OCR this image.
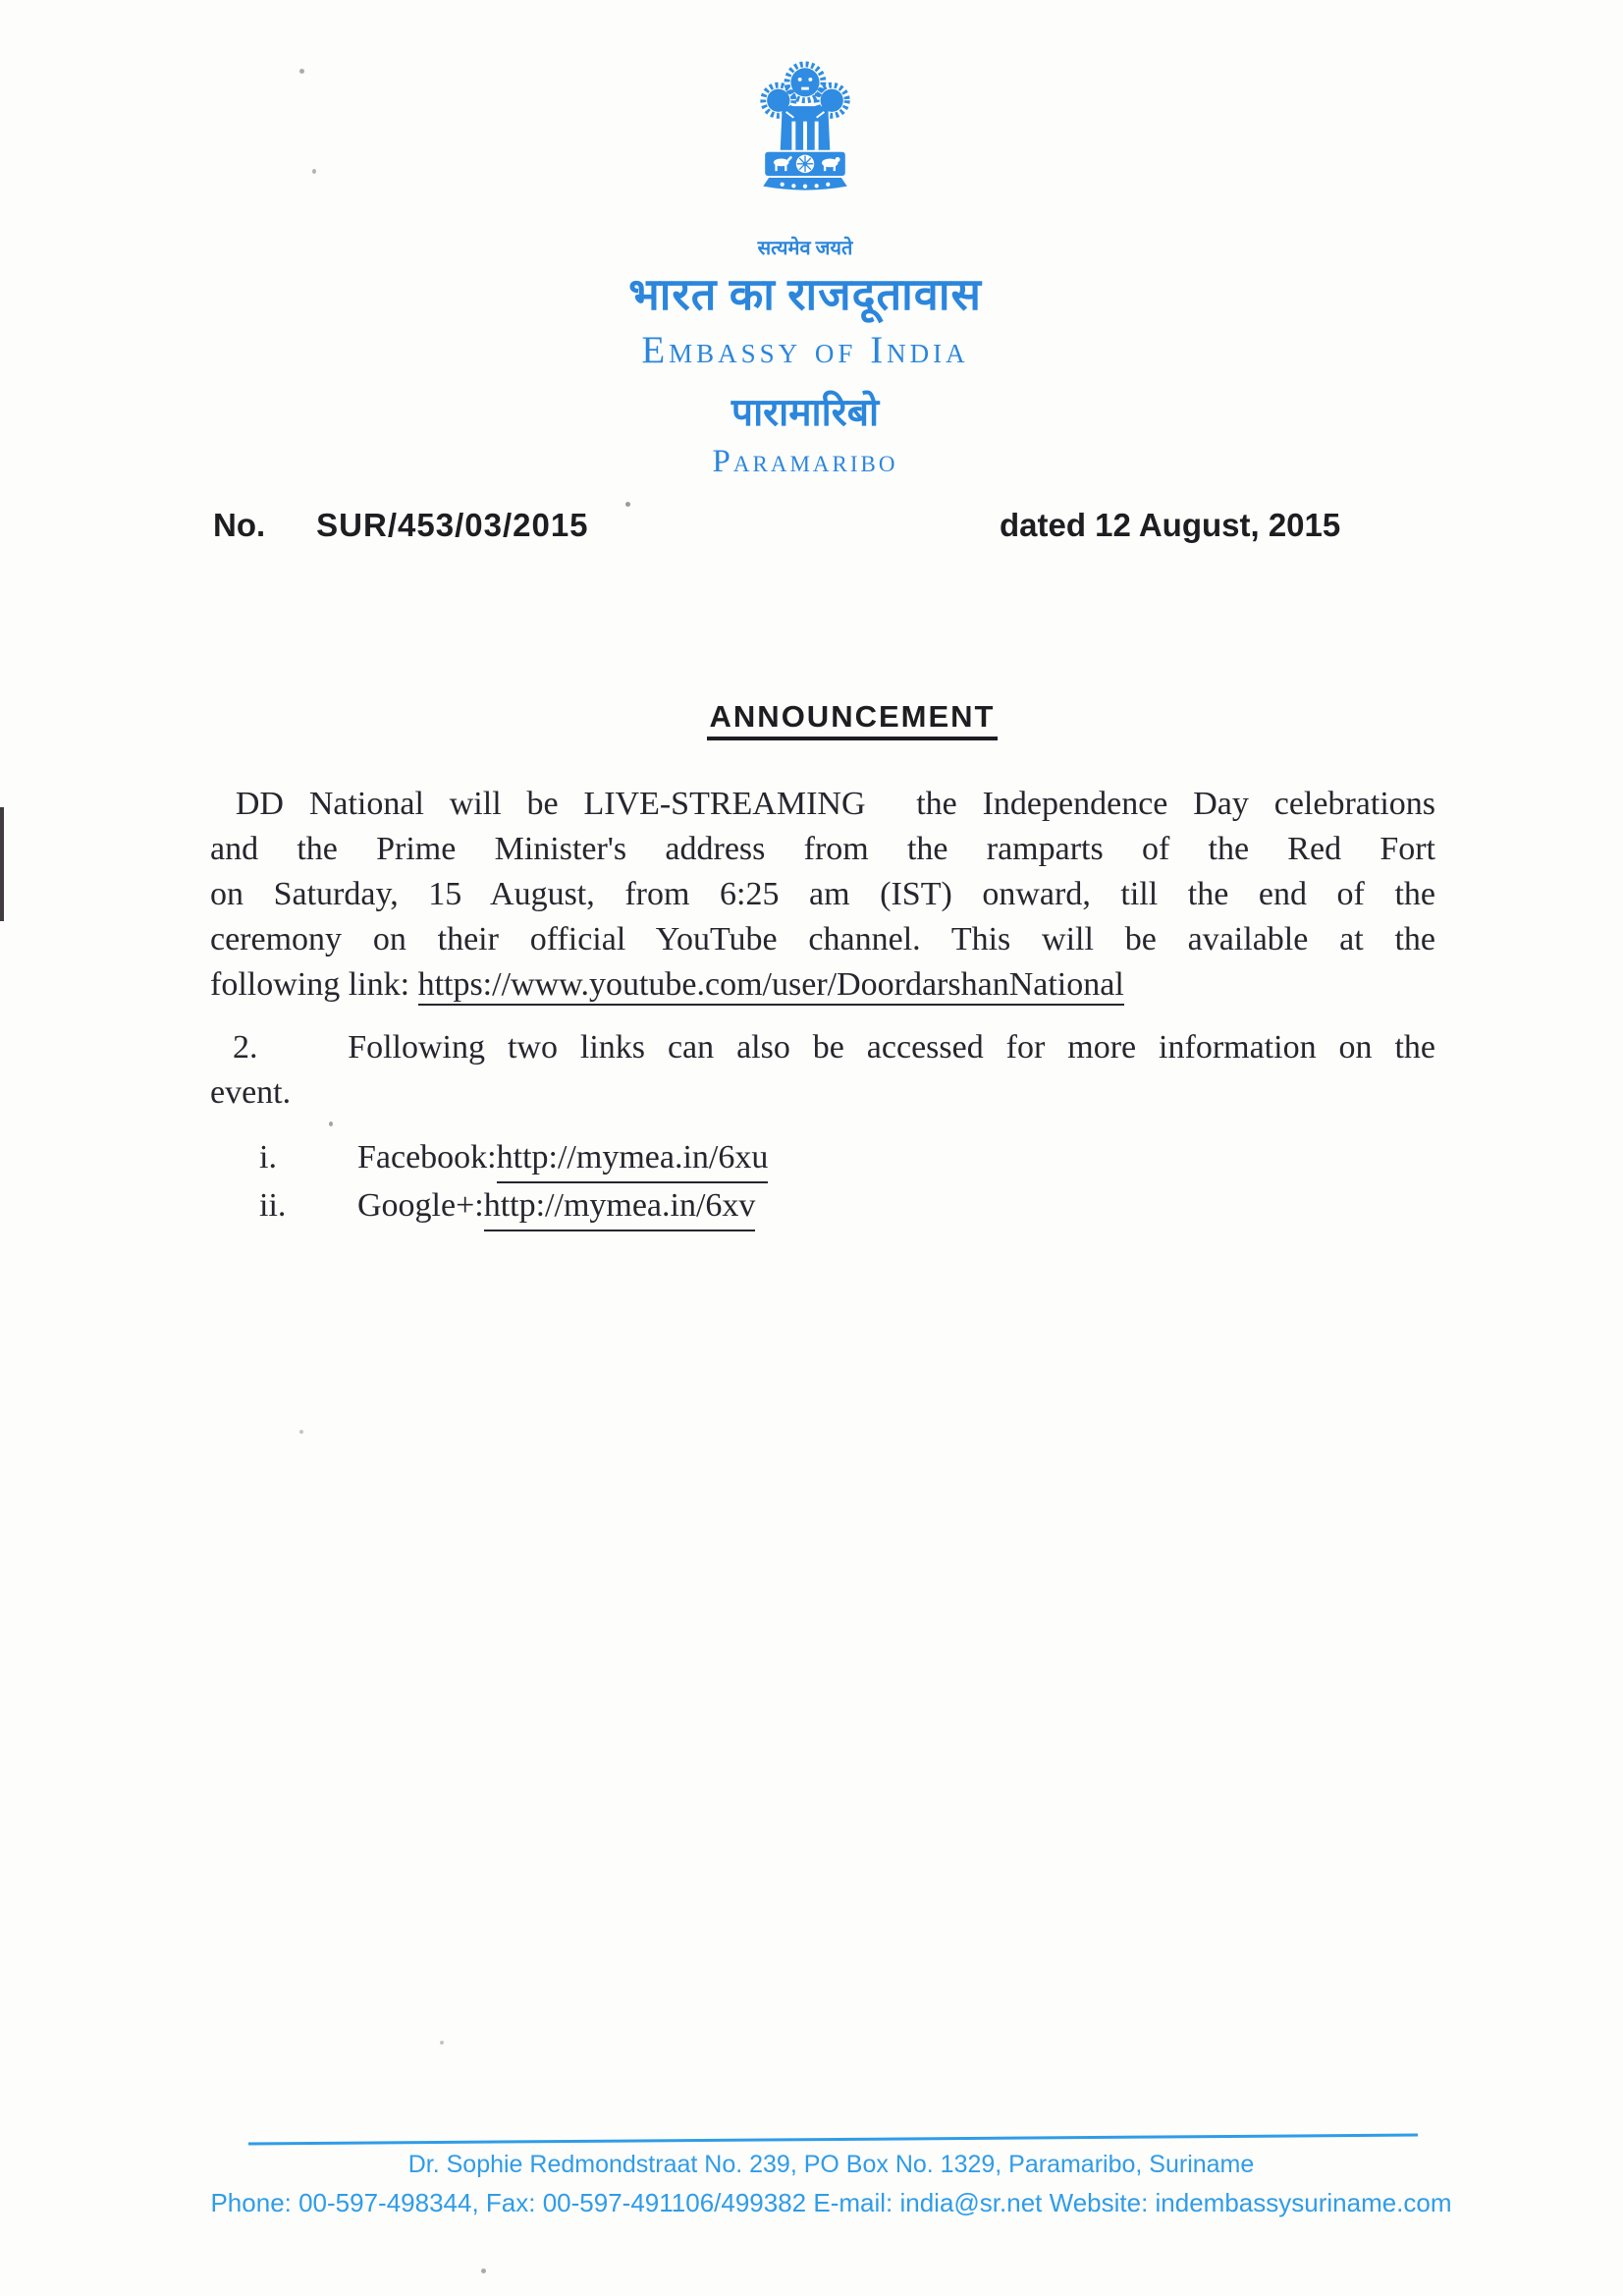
सत्यमेव जयते
भारत का राजदूतावास
Embassy of India
पारामारिबो
Paramaribo
No. SUR/453/03/2015	dated 12 August, 2015
ANNOUNCEMENT
DD National will be LIVE-STREAMING  the Independence Day celebrations
and the Prime Minister's address from the ramparts of the Red Fort
on Saturday, 15 August, from 6:25 am (IST) onward, till the end of the
ceremony on their official YouTube channel. This will be available at the
following link: https://www.youtube.com/user/DoordarshanNational
2.    Following two links can also be accessed for more information on the
event.
i.	Facebook: http://mymea.in/6xu
ii.	Google+: http://mymea.in/6xv
Dr. Sophie Redmondstraat No. 239, PO Box No. 1329, Paramaribo, Suriname
Phone: 00-597-498344, Fax: 00-597-491106/499382 E-mail: india@sr.net Website: indembassysuriname.com
